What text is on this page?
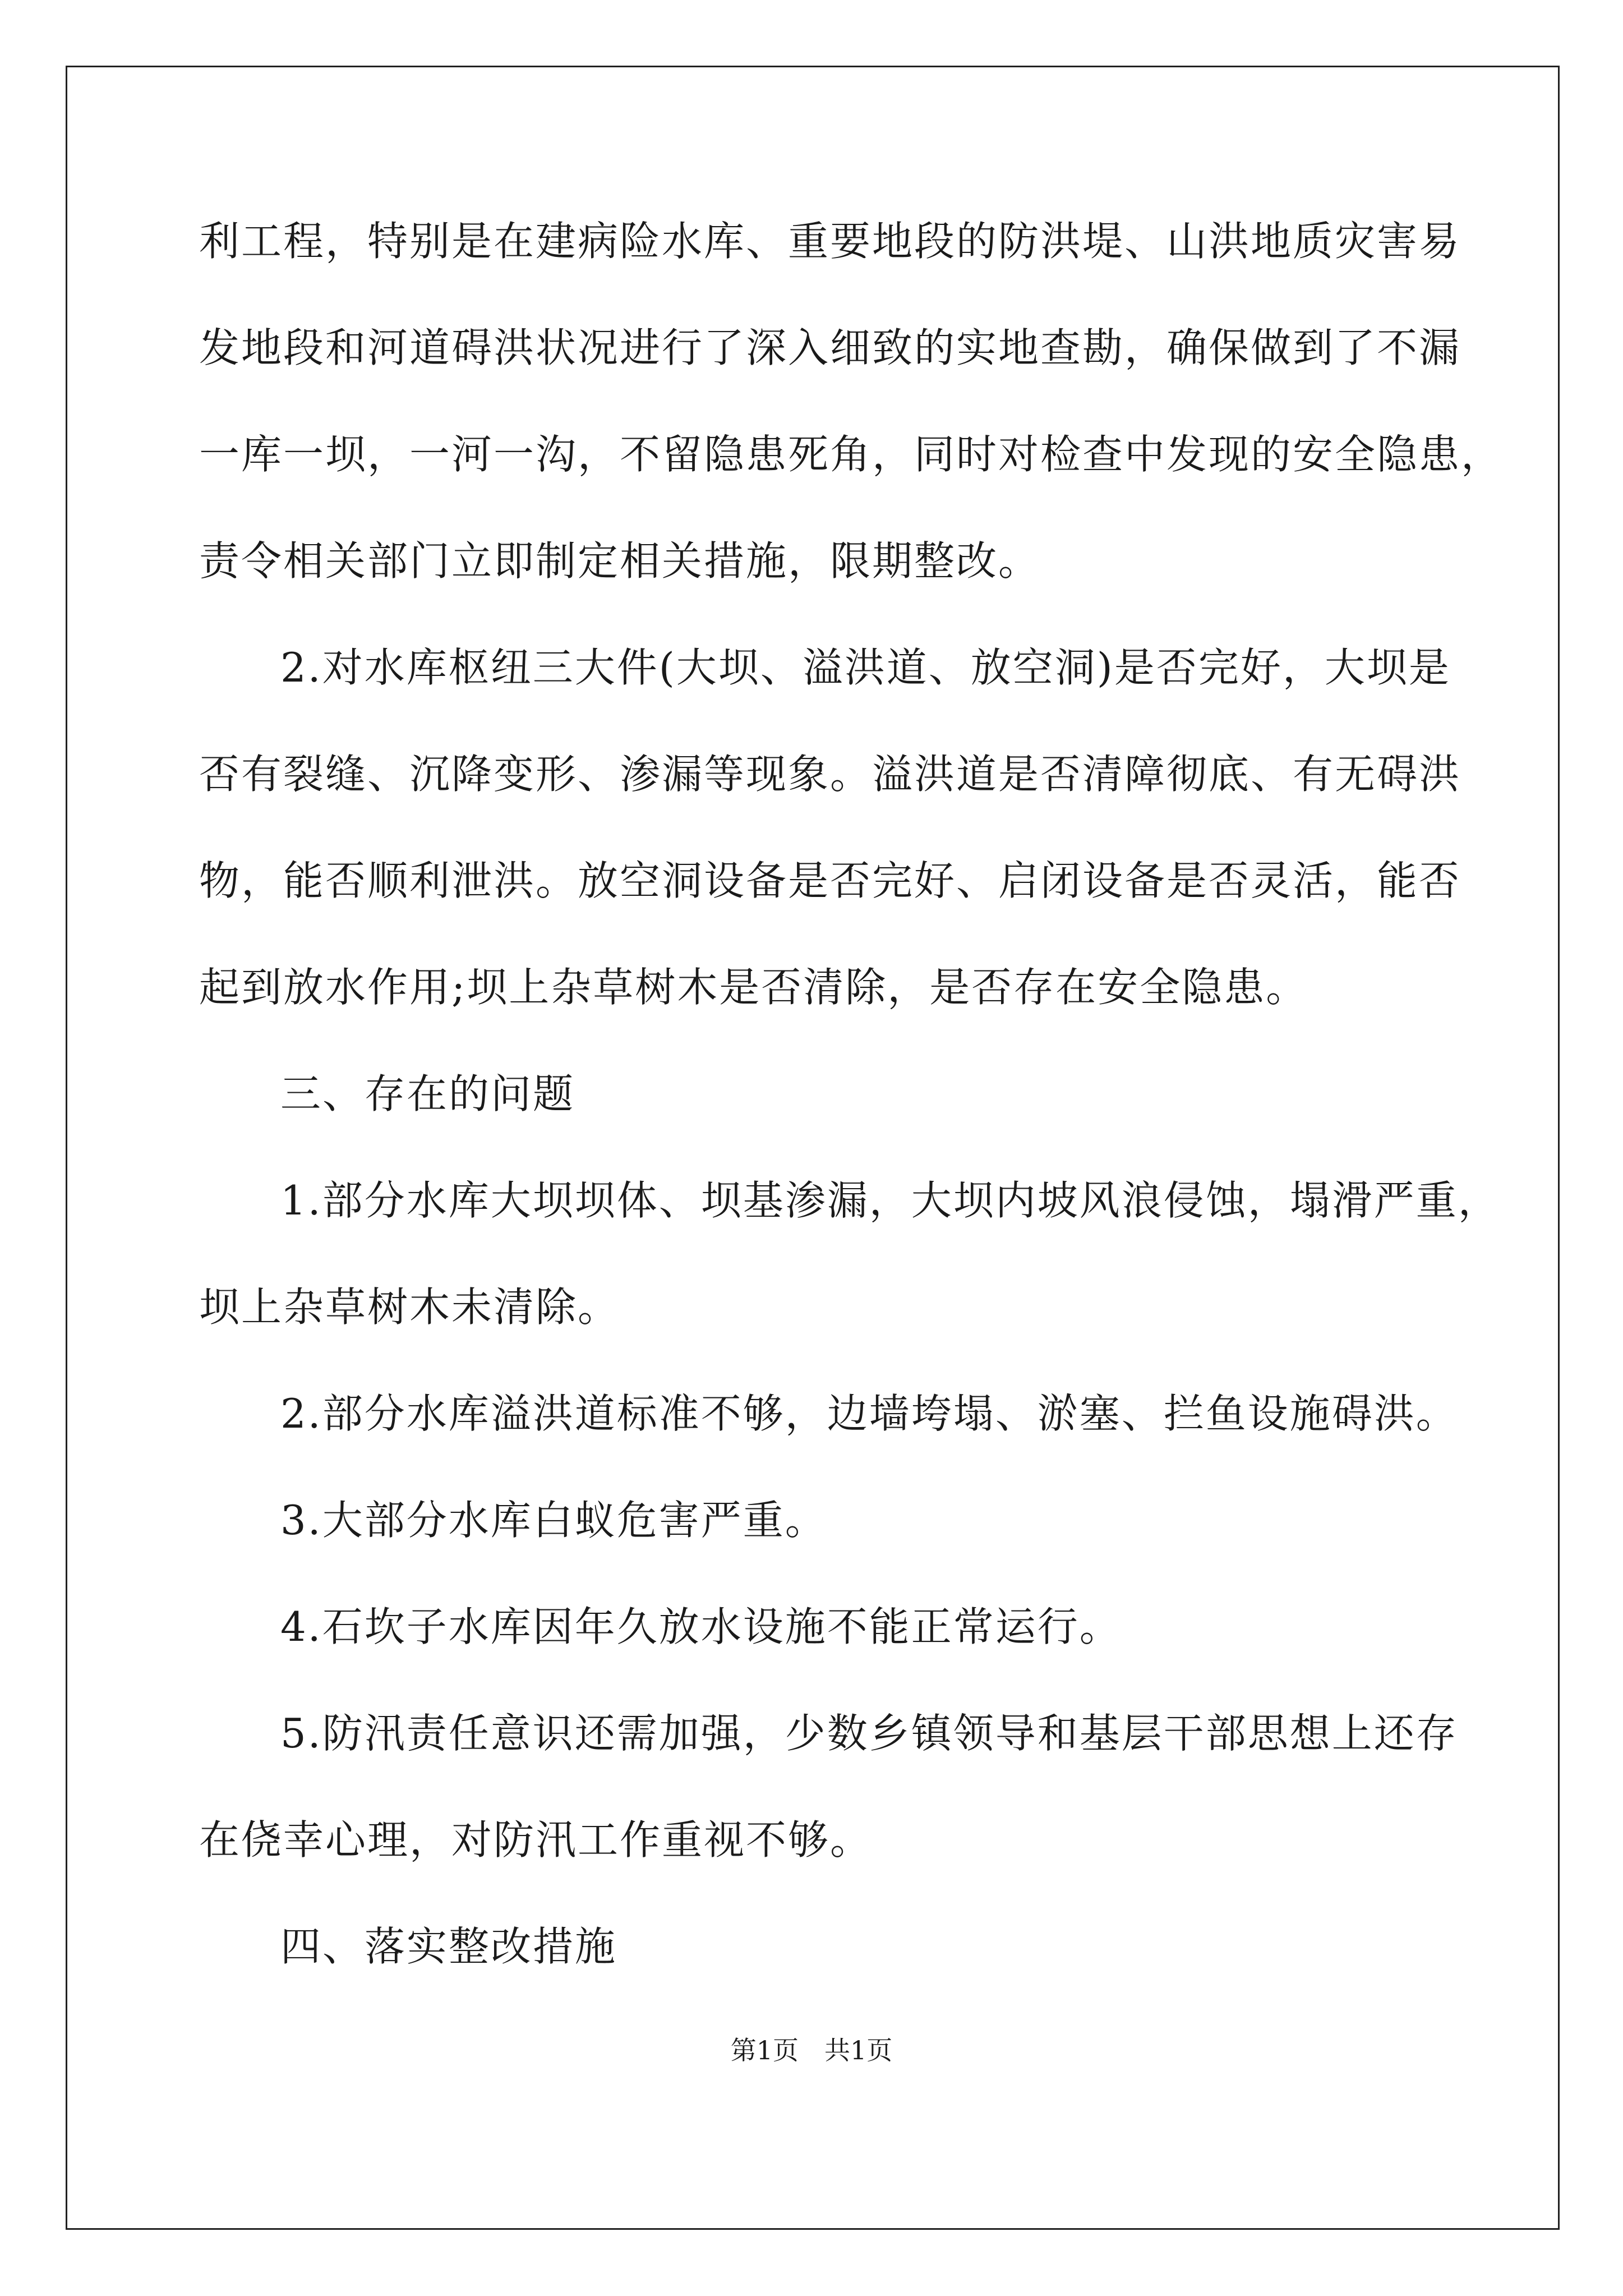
利工程，特别是在建病险水库、重要地段的防洪堤、山洪地质灾害易
发地段和河道碍洪状况进行了深入细致的实地查勘，确保做到了不漏
一库一坝，一河一沟，不留隐患死角，同时对检查中发现的安全隐患，
责令相关部门立即制定相关措施，限期整改。
2.对水库枢纽三大件(大坝、溢洪道、放空洞)是否完好，大坝是
否有裂缝、沉降变形、渗漏等现象。溢洪道是否清障彻底、有无碍洪
物，能否顺利泄洪。放空洞设备是否完好、启闭设备是否灵活，能否
起到放水作用;坝上杂草树木是否清除，是否存在安全隐患。
三、存在的问题
1.部分水库大坝坝体、坝基渗漏，大坝内坡风浪侵蚀，塌滑严重，
坝上杂草树木未清除。
2.部分水库溢洪道标准不够，边墙垮塌、淤塞、拦鱼设施碍洪。
3.大部分水库白蚁危害严重。
4.石坎子水库因年久放水设施不能正常运行。
5.防汛责任意识还需加强，少数乡镇领导和基层干部思想上还存
在侥幸心理，对防汛工作重视不够。
四、落实整改措施
第1页　共1页
